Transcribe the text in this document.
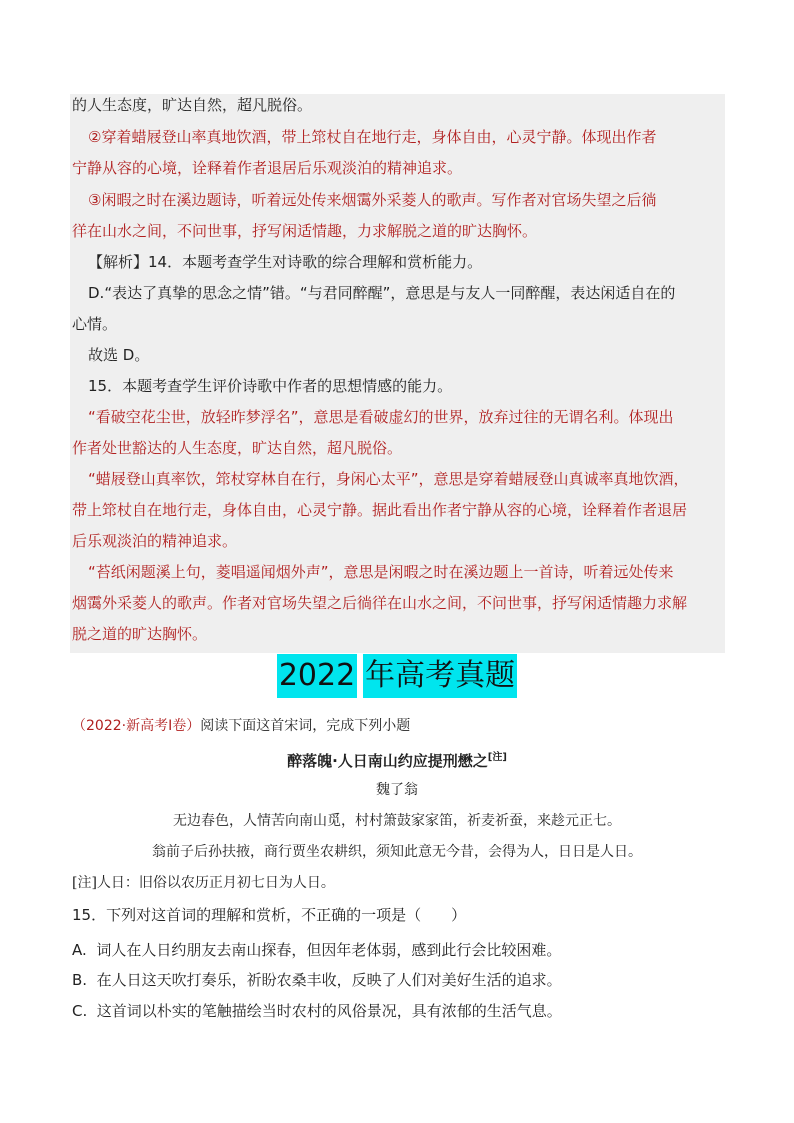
的人生态度，旷达自然，超凡脱俗。
②穿着蜡屐登山率真地饮酒，带上筇杖自在地行走，身体自由，心灵宁静。体现出作者
宁静从容的心境，诠释着作者退居后乐观淡泊的精神追求。
③闲暇之时在溪边题诗，听着远处传来烟霭外采菱人的歌声。写作者对官场失望之后徜
徉在山水之间，不问世事，抒写闲适情趣，力求解脱之道的旷达胸怀。
【解析】14．本题考查学生对诗歌的综合理解和赏析能力。
D.“表达了真挚的思念之情”错。“与君同醉醒”，意思是与友人一同醉醒，表达闲适自在的
心情。
故选 D。
15．本题考查学生评价诗歌中作者的思想情感的能力。
“看破空花尘世，放轻昨梦浮名”，意思是看破虚幻的世界，放弃过往的无谓名利。体现出
作者处世豁达的人生态度，旷达自然，超凡脱俗。
“蜡屐登山真率饮，筇杖穿林自在行，身闲心太平”，意思是穿着蜡屐登山真诚率真地饮酒，
带上筇杖自在地行走，身体自由，心灵宁静。据此看出作者宁静从容的心境，诠释着作者退居
后乐观淡泊的精神追求。
“苔纸闲题溪上句，菱唱遥闻烟外声”，意思是闲暇之时在溪边题上一首诗，听着远处传来
烟霭外采菱人的歌声。作者对官场失望之后徜徉在山水之间，不问世事，抒写闲适情趣力求解
脱之道的旷达胸怀。
2022 年高考真题
（2022·新高考Ⅰ卷）阅读下面这首宋词，完成下列小题
醉落魄·人日南山约应提刑懋之[注]
魏了翁
无边春色，人情苦向南山觅，村村箫鼓家家笛，祈麦祈蚕，来趁元正七。
翁前子后孙扶掖，商行贾坐农耕织，须知此意无今昔，会得为人，日日是人日。
[注]人日：旧俗以农历正月初七日为人日。
15．下列对这首词的理解和赏析，不正确的一项是（　　）
A. 词人在人日约朋友去南山探春，但因年老体弱，感到此行会比较困难。
B. 在人日这天吹打奏乐，祈盼农桑丰收，反映了人们对美好生活的追求。
C. 这首词以朴实的笔触描绘当时农村的风俗景况，具有浓郁的生活气息。
